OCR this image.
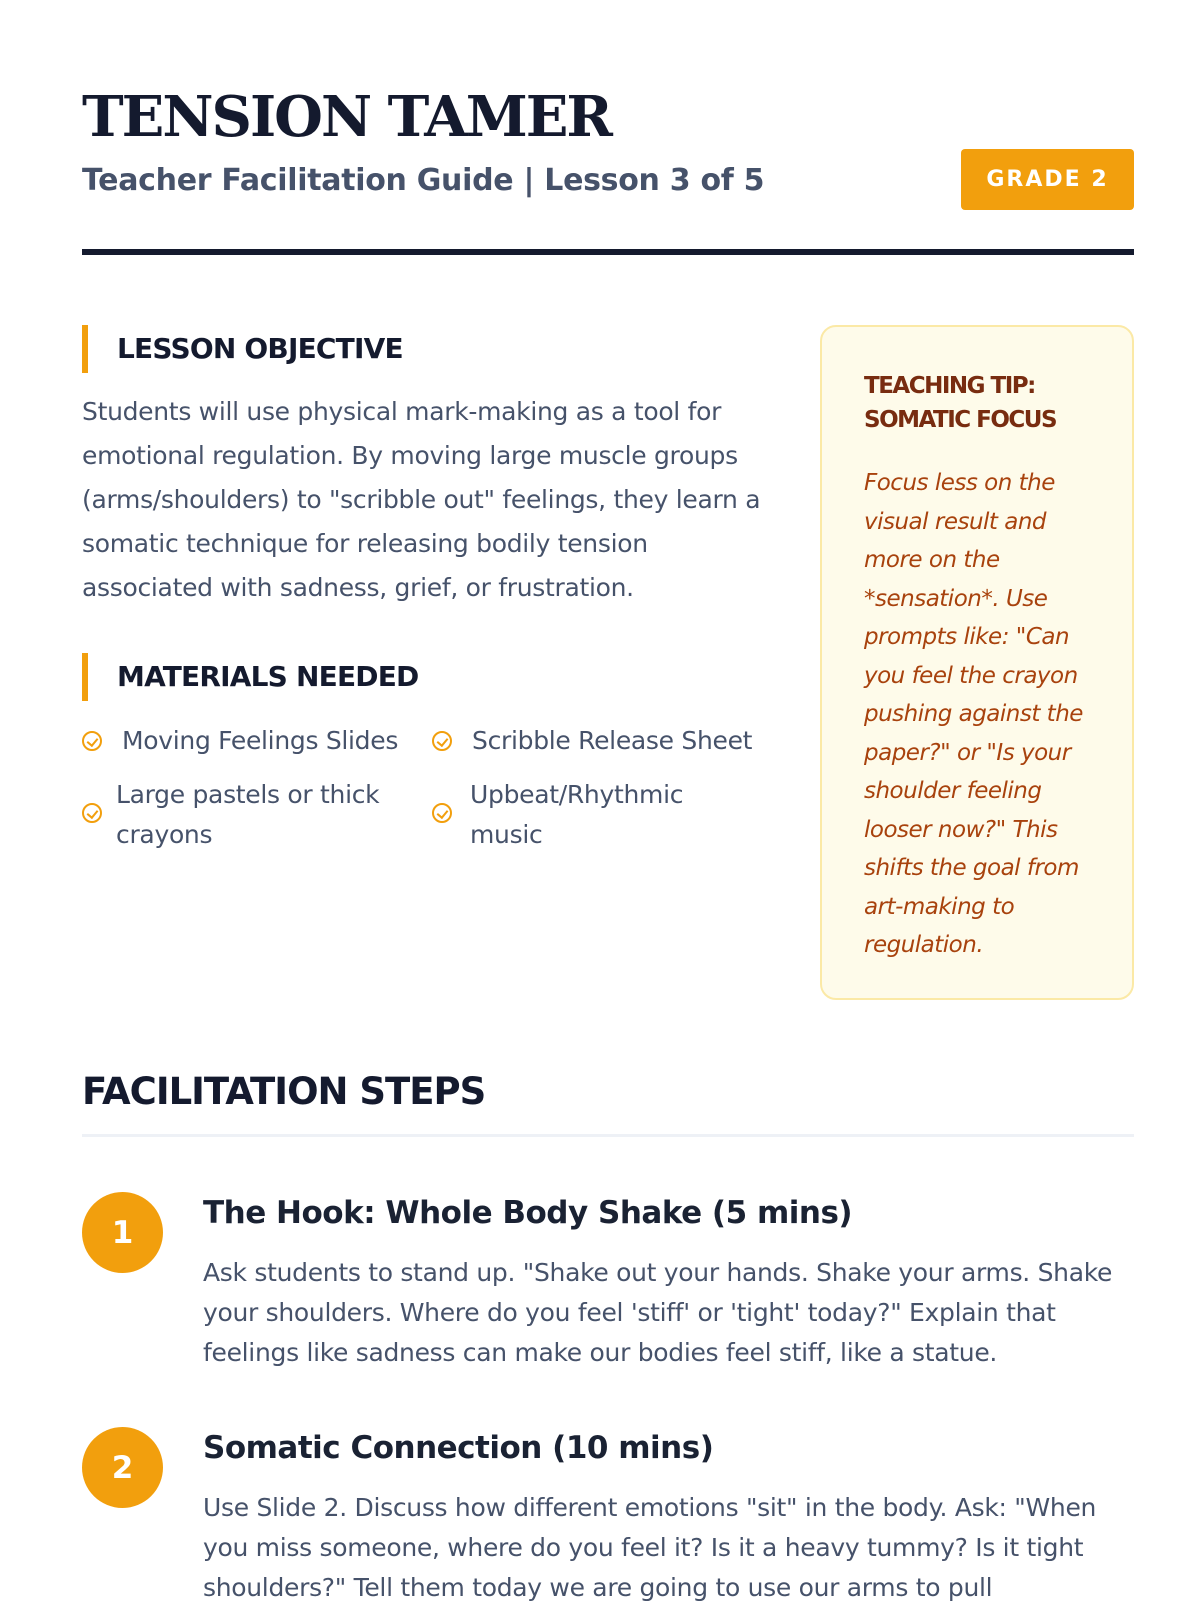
TENSION TAMER
Teacher Facilitation Guide | Lesson 3 of 5	GRADE 2
LESSON OBJECTIVE
Students will use physical mark-making as a tool for emotional regulation. By moving large muscle groups (arms/shoulders) to "scribble out" feelings, they learn a somatic technique for releasing bodily tension associated with sadness, grief, or frustration.
MATERIALS NEEDED
Moving Feelings Slides	Scribble Release Sheet
Large pastels or thick crayons
Upbeat/Rhythmic music
TEACHING TIP: SOMATIC FOCUS
Focus less on the visual result and more on the *sensation*. Use prompts like: "Can you feel the crayon pushing against the paper?" or "Is your shoulder feeling looser now?" This shifts the goal from art-making to regulation.
FACILITATION STEPS
1
The Hook: Whole Body Shake (5 mins)
Ask students to stand up. "Shake out your hands. Shake your arms. Shake your shoulders. Where do you feel 'stiff' or 'tight' today?" Explain that feelings like sadness can make our bodies feel stiff, like a statue.
2
Somatic Connection (10 mins)
Use Slide 2. Discuss how different emotions "sit" in the body. Ask: "When you miss someone, where do you feel it? Is it a heavy tummy? Is it tight shoulders?" Tell them today we are going to use our arms to pull
